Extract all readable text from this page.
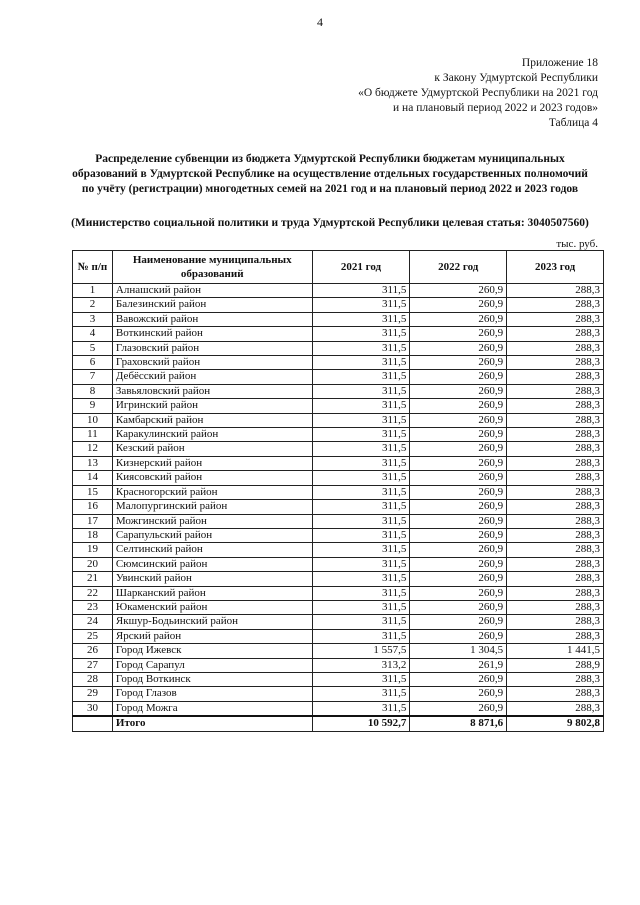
4
Приложение 18
к Закону Удмуртской Республики
«О бюджете Удмуртской Республики на 2021 год
и на плановый период 2022 и 2023 годов»
Таблица 4
Распределение субвенции из бюджета Удмуртской Республики бюджетам муниципальных
образований в Удмуртской Республике на осуществление отдельных государственных полномочий
по учёту (регистрации) многодетных семей на 2021 год и на плановый период 2022 и 2023 годов
(Министерство социальной политики и труда Удмуртской Республики целевая статья: 3040507560)
тыс. руб.
№ п/п	Наименование муниципальных образований	2021 год	2022 год	2023 год
1	Алнашский район	311,5	260,9	288,3
2	Балезинский район	311,5	260,9	288,3
3	Вавожский район	311,5	260,9	288,3
4	Воткинский район	311,5	260,9	288,3
5	Глазовский район	311,5	260,9	288,3
6	Граховский район	311,5	260,9	288,3
7	Дебёсский район	311,5	260,9	288,3
8	Завьяловский район	311,5	260,9	288,3
9	Игринский район	311,5	260,9	288,3
10	Камбарский район	311,5	260,9	288,3
11	Каракулинский район	311,5	260,9	288,3
12	Кезский район	311,5	260,9	288,3
13	Кизнерский район	311,5	260,9	288,3
14	Киясовский район	311,5	260,9	288,3
15	Красногорский район	311,5	260,9	288,3
16	Малопургинский район	311,5	260,9	288,3
17	Можгинский район	311,5	260,9	288,3
18	Сарапульский район	311,5	260,9	288,3
19	Селтинский район	311,5	260,9	288,3
20	Сюмсинский район	311,5	260,9	288,3
21	Увинский район	311,5	260,9	288,3
22	Шарканский район	311,5	260,9	288,3
23	Юкаменский район	311,5	260,9	288,3
24	Якшур-Бодьинский район	311,5	260,9	288,3
25	Ярский район	311,5	260,9	288,3
26	Город Ижевск	1 557,5	1 304,5	1 441,5
27	Город Сарапул	313,2	261,9	288,9
28	Город Воткинск	311,5	260,9	288,3
29	Город Глазов	311,5	260,9	288,3
30	Город Можга	311,5	260,9	288,3
	Итого	10 592,7	8 871,6	9 802,8
